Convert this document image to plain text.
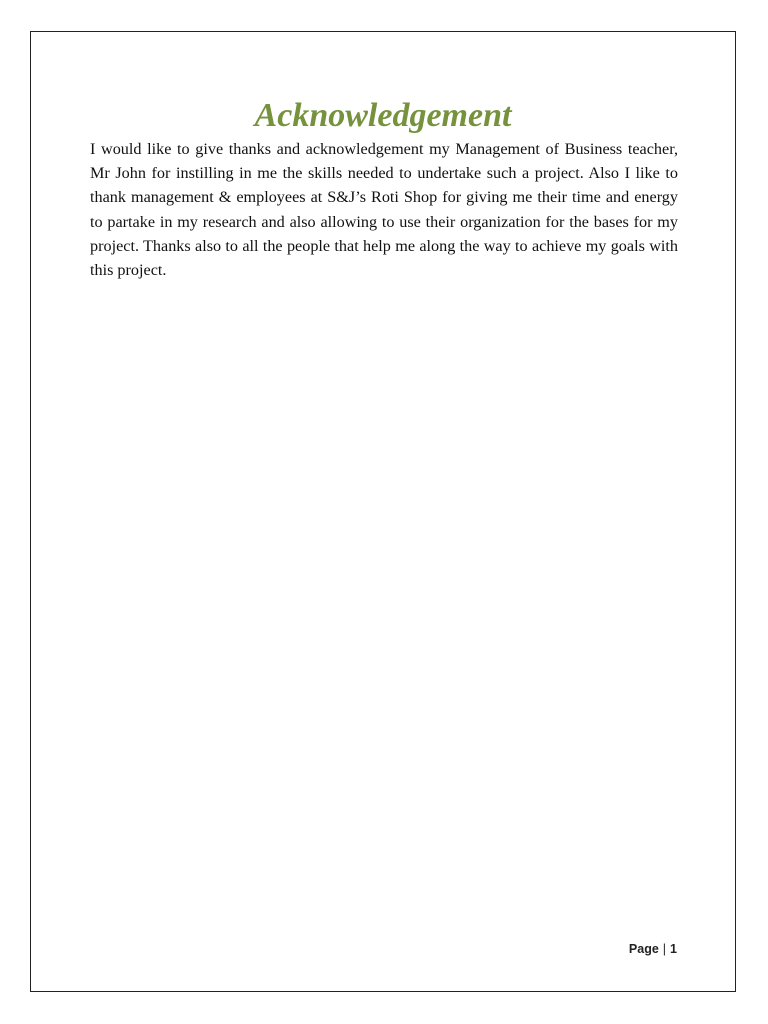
Acknowledgement

I would like to give thanks and acknowledgement my Management of Business teacher, Mr John for instilling in me the skills needed to undertake such a project. Also I like to thank management & employees at S&J’s Roti Shop for giving me their time and energy to partake in my research and also allowing to use their organization for the bases for my project. Thanks also to all the people that help me along the way to achieve my goals with this project.

Page | 1
